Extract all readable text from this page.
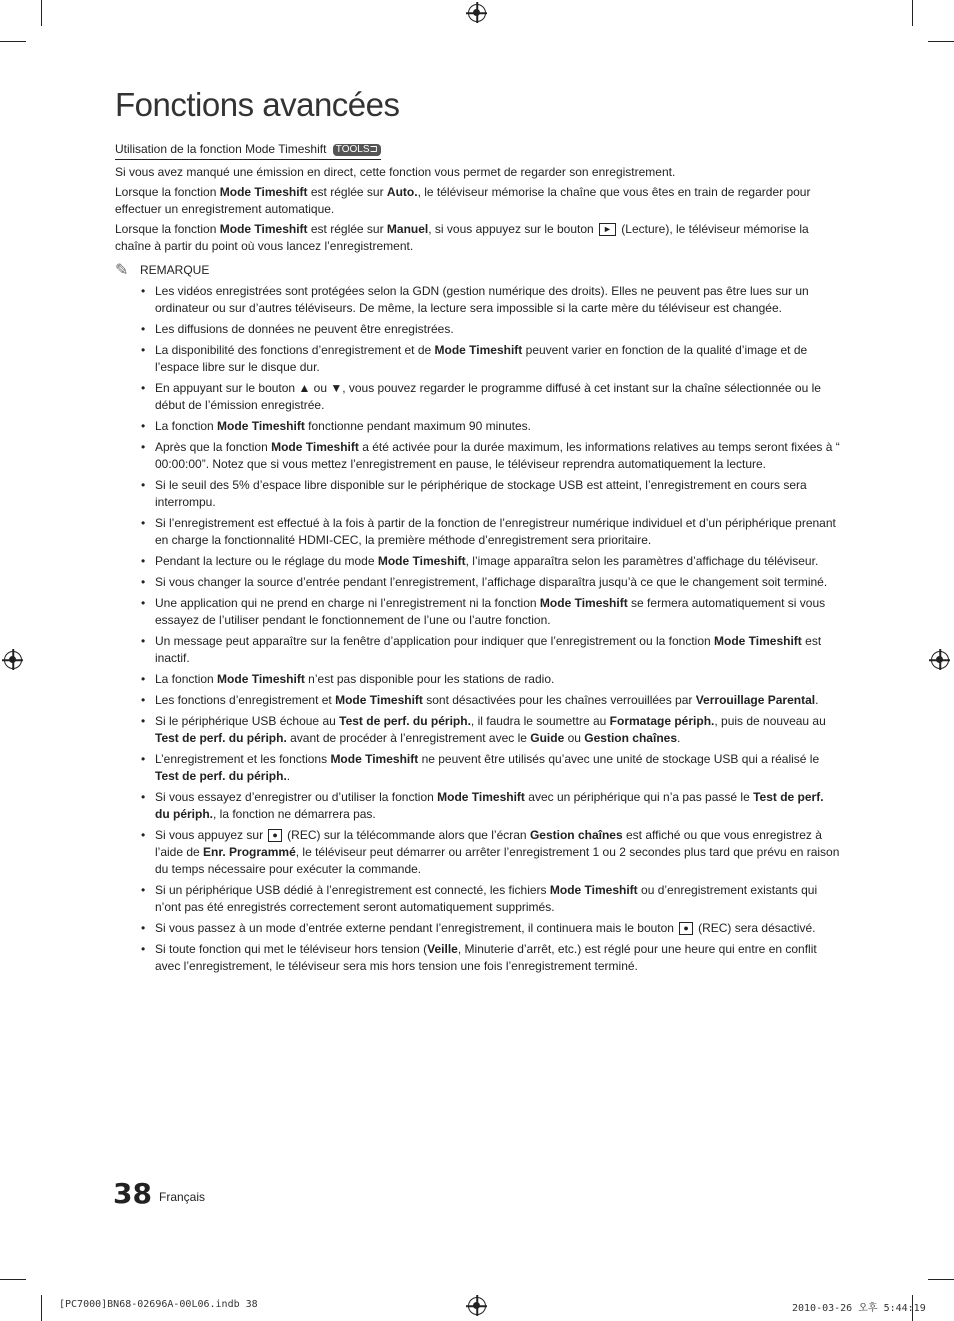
Fonctions avancées
Utilisation de la fonction Mode Timeshift TOOLS⊐

Si vous avez manqué une émission en direct, cette fonction vous permet de regarder son enregistrement.

Lorsque la fonction Mode Timeshift est réglée sur Auto., le téléviseur mémorise la chaîne que vous êtes en train de regarder pour effectuer un enregistrement automatique.

Lorsque la fonction Mode Timeshift est réglée sur Manuel, si vous appuyez sur le bouton ► (Lecture), le téléviseur mémorise la chaîne à partir du point où vous lancez l’enregistrement.

✎ REMARQUE
• Les vidéos enregistrées sont protégées selon la GDN (gestion numérique des droits). Elles ne peuvent pas être lues sur un ordinateur ou sur d’autres téléviseurs. De même, la lecture sera impossible si la carte mère du téléviseur est changée.
• Les diffusions de données ne peuvent être enregistrées.
• La disponibilité des fonctions d’enregistrement et de Mode Timeshift peuvent varier en fonction de la qualité d’image et de l’espace libre sur le disque dur.
• En appuyant sur le bouton ▲ ou ▼, vous pouvez regarder le programme diffusé à cet instant sur la chaîne sélectionnée ou le début de l’émission enregistrée.
• La fonction Mode Timeshift fonctionne pendant maximum 90 minutes.
• Après que la fonction Mode Timeshift a été activée pour la durée maximum, les informations relatives au temps seront fixées à “ 00:00:00”. Notez que si vous mettez l’enregistrement en pause, le téléviseur reprendra automatiquement la lecture.
• Si le seuil des 5% d’espace libre disponible sur le périphérique de stockage USB est atteint, l’enregistrement en cours sera interrompu.
• Si l’enregistrement est effectué à la fois à partir de la fonction de l’enregistreur numérique individuel et d’un périphérique prenant en charge la fonctionnalité HDMI-CEC, la première méthode d’enregistrement sera prioritaire.
• Pendant la lecture ou le réglage du mode Mode Timeshift, l’image apparaîtra selon les paramètres d’affichage du téléviseur.
• Si vous changer la source d’entrée pendant l’enregistrement, l’affichage disparaîtra jusqu’à ce que le changement soit terminé.
• Une application qui ne prend en charge ni l’enregistrement ni la fonction Mode Timeshift se fermera automatiquement si vous essayez de l’utiliser pendant le fonctionnement de l’une ou l’autre fonction.
• Un message peut apparaître sur la fenêtre d’application pour indiquer que l’enregistrement ou la fonction Mode Timeshift est inactif.
• La fonction Mode Timeshift n’est pas disponible pour les stations de radio.
• Les fonctions d’enregistrement et Mode Timeshift sont désactivées pour les chaînes verrouillées par Verrouillage Parental.
• Si le périphérique USB échoue au Test de perf. du périph., il faudra le soumettre au Formatage périph., puis de nouveau au Test de perf. du périph. avant de procéder à l’enregistrement avec le Guide ou Gestion chaînes.
• L’enregistrement et les fonctions Mode Timeshift ne peuvent être utilisés qu’avec une unité de stockage USB qui a réalisé le Test de perf. du périph..
• Si vous essayez d’enregistrer ou d’utiliser la fonction Mode Timeshift avec un périphérique qui n’a pas passé le Test de perf. du périph., la fonction ne démarrera pas.
• Si vous appuyez sur ● (REC) sur la télécommande alors que l’écran Gestion chaînes est affiché ou que vous enregistrez à l’aide de Enr. Programmé, le téléviseur peut démarrer ou arrêter l’enregistrement 1 ou 2 secondes plus tard que prévu en raison du temps nécessaire pour exécuter la commande.
• Si un périphérique USB dédié à l’enregistrement est connecté, les fichiers Mode Timeshift ou d’enregistrement existants qui n’ont pas été enregistrés correctement seront automatiquement supprimés.
• Si vous passez à un mode d’entrée externe pendant l’enregistrement, il continuera mais le bouton ● (REC) sera désactivé.
• Si toute fonction qui met le téléviseur hors tension (Veille, Minuterie d’arrêt, etc.) est réglé pour une heure qui entre en conflit avec l’enregistrement, le téléviseur sera mis hors tension une fois l’enregistrement terminé.
38 Français
[PC7000]BN68-02696A-00L06.indb 38	2010-03-26 오후 5:44:19
